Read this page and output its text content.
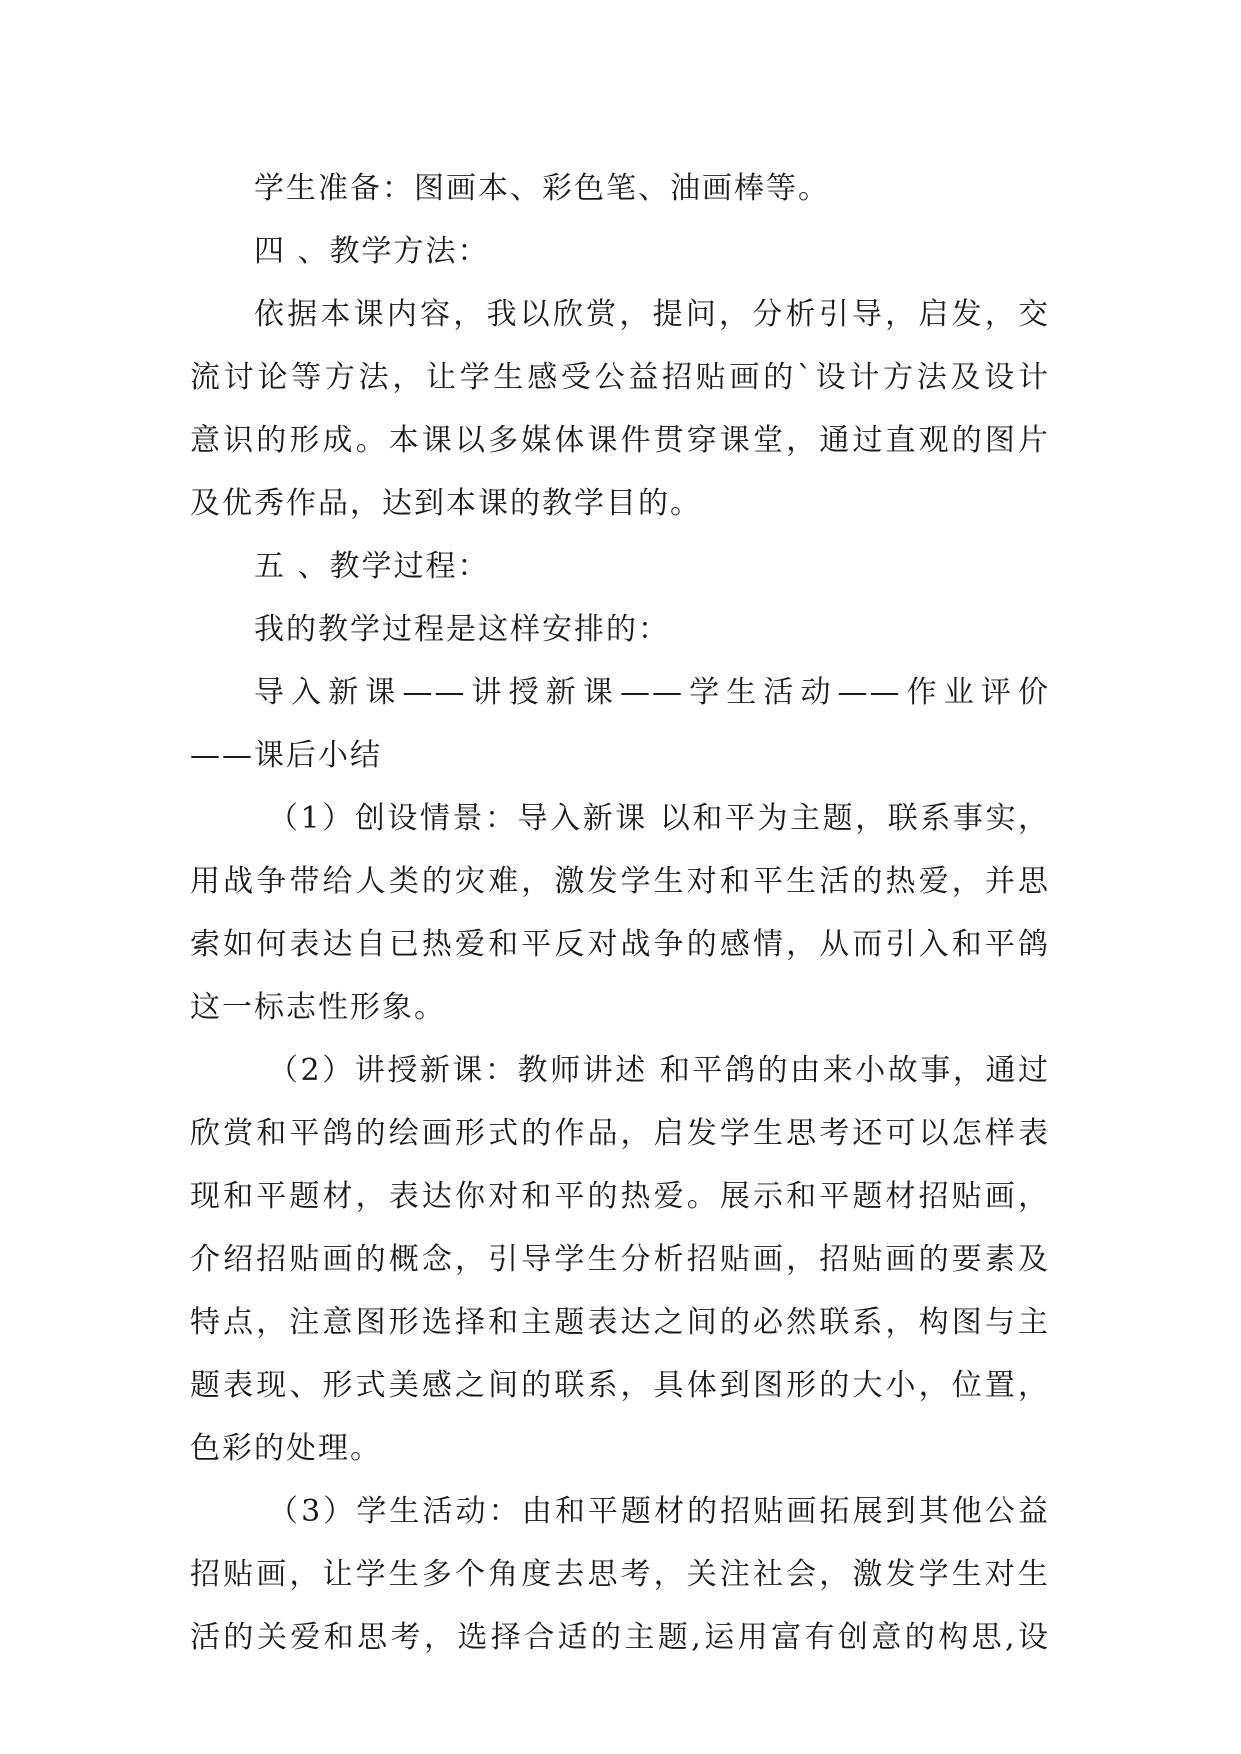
学生准备：图画本、彩色笔、油画棒等。
四 、教学方法：
依据本课内容，我以欣赏，提问，分析引导，启发，交
流讨论等方法，让学生感受公益招贴画的`设计方法及设计
意识的形成。本课以多媒体课件贯穿课堂，通过直观的图片
及优秀作品，达到本课的教学目的。
五 、教学过程：
我的教学过程是这样安排的：
导入新课——讲授新课——学生活动——作业评价
——课后小结
（1）创设情景：导入新课 以和平为主题，联系事实，
用战争带给人类的灾难，激发学生对和平生活的热爱，并思
索如何表达自已热爱和平反对战争的感情，从而引入和平鸽
这一标志性形象。
（2）讲授新课：教师讲述 和平鸽的由来小故事，通过
欣赏和平鸽的绘画形式的作品，启发学生思考还可以怎样表
现和平题材，表达你对和平的热爱。展示和平题材招贴画，
介绍招贴画的概念，引导学生分析招贴画，招贴画的要素及
特点，注意图形选择和主题表达之间的必然联系，构图与主
题表现、形式美感之间的联系，具体到图形的大小，位置，
色彩的处理。
（3）学生活动：由和平题材的招贴画拓展到其他公益
招贴画，让学生多个角度去思考，关注社会，激发学生对生
活的关爱和思考，选择合适的主题,运用富有创意的构思,设
